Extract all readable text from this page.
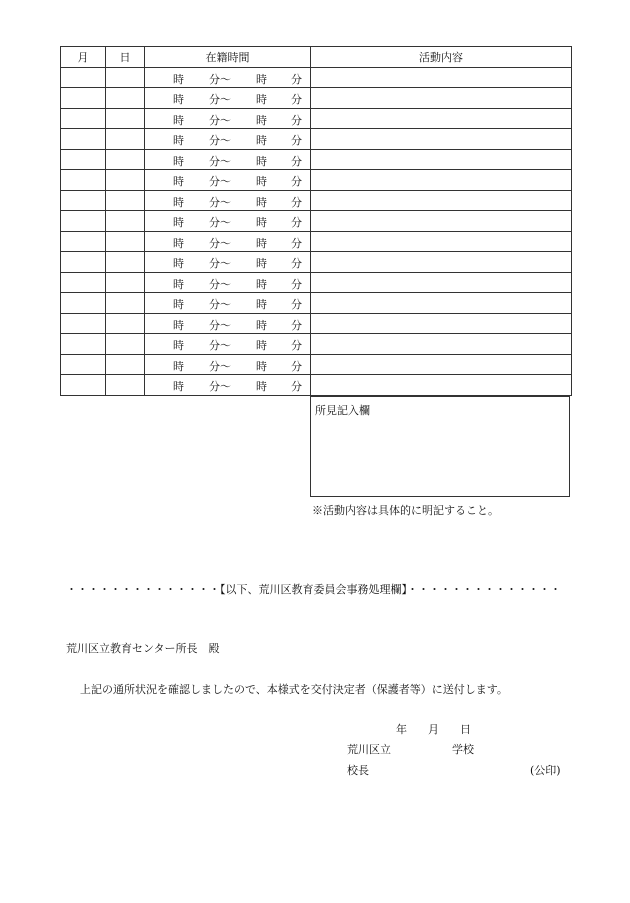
月	日	在籍時間	活動内容

		時 分〜 時 分	

		時 分〜 時 分	

		時 分〜 時 分	

		時 分〜 時 分	

		時 分〜 時 分	

		時 分〜 時 分	

		時 分〜 時 分	

		時 分〜 時 分	

		時 分〜 時 分	

		時 分〜 時 分	

		時 分〜 時 分	

		時 分〜 時 分	

		時 分〜 時 分	

		時 分〜 時 分	

		時 分〜 時 分	

		時 分〜 時 分	

所見記入欄
※活動内容は具体的に明記すること。
・・・・・・・・・・・・・・【以下、荒川区教育委員会事務処理欄】・・・・・・・・・・・・・・
荒川区立教育センター所長　殿
上記の通所状況を確認しましたので、本様式を交付決定者（保護者等）に送付します。
年 月 日
荒川区立	学校
校長	(公印)
